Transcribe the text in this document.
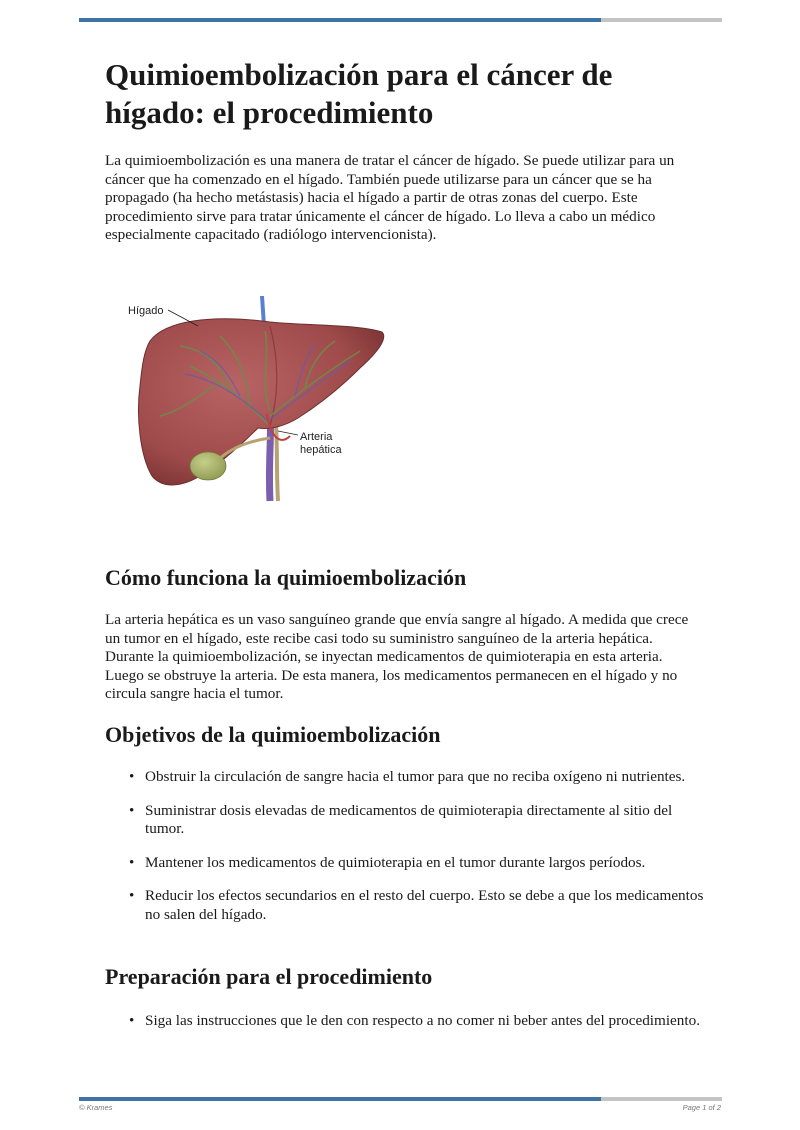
Quimioembolización para el cáncer de hígado: el procedimiento

La quimioembolización es una manera de tratar el cáncer de hígado. Se puede utilizar para un cáncer que ha comenzado en el hígado. También puede utilizarse para un cáncer que se ha propagado (ha hecho metástasis) hacia el hígado a partir de otras zonas del cuerpo. Este procedimiento sirve para tratar únicamente el cáncer de hígado. Lo lleva a cabo un médico especialmente capacitado (radiólogo intervencionista).

Hígado
Arteria
hepática
Cómo funciona la quimioembolización

La arteria hepática es un vaso sanguíneo grande que envía sangre al hígado. A medida que crece un tumor en el hígado, este recibe casi todo su suministro sanguíneo de la arteria hepática. Durante la quimioembolización, se inyectan medicamentos de quimioterapia en esta arteria. Luego se obstruye la arteria. De esta manera, los medicamentos permanecen en el hígado y no circula sangre hacia el tumor.

Objetivos de la quimioembolización
• Obstruir la circulación de sangre hacia el tumor para que no reciba oxígeno ni nutrientes.
• Suministrar dosis elevadas de medicamentos de quimioterapia directamente al sitio del tumor.
• Mantener los medicamentos de quimioterapia en el tumor durante largos períodos.
• Reducir los efectos secundarios en el resto del cuerpo. Esto se debe a que los medicamentos no salen del hígado.
Preparación para el procedimiento
• Siga las instrucciones que le den con respecto a no comer ni beber antes del procedimiento.
© Krames	Page 1 of 2
